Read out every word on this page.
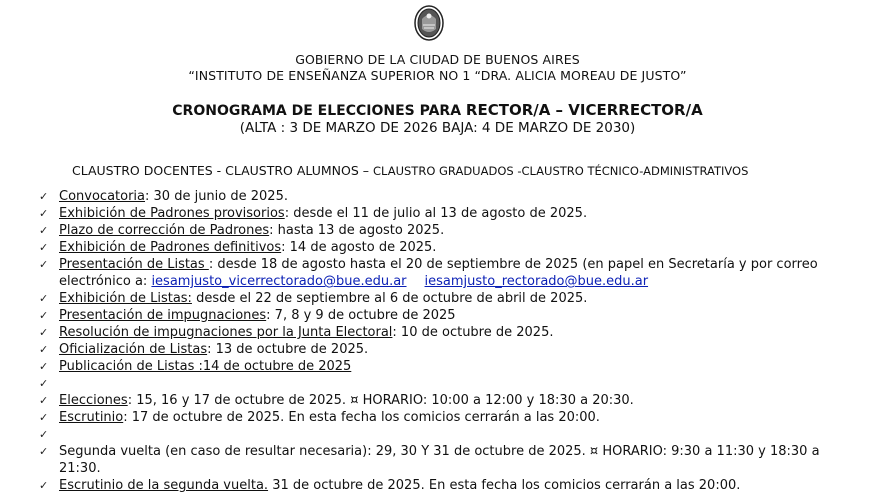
GOBIERNO DE LA CIUDAD DE BUENOS AIRES
“INSTITUTO DE ENSEÑANZA SUPERIOR NO 1 “DRA. ALICIA MOREAU DE JUSTO”
CRONOGRAMA DE ELECCIONES PARA RECTOR/A – VICERRECTOR/A
(ALTA : 3 DE MARZO DE 2026 BAJA: 4 DE MARZO DE 2030)
CLAUSTRO DOCENTES - CLAUSTRO ALUMNOS – CLAUSTRO GRADUADOS -CLAUSTRO TÉCNICO-ADMINISTRATIVOS
✓ Convocatoria: 30 de junio de 2025.
✓ Exhibición de Padrones provisorios: desde el 11 de julio al 13 de agosto de 2025.
✓ Plazo de corrección de Padrones: hasta 13 de agosto 2025.
✓ Exhibición de Padrones definitivos: 14 de agosto de 2025.
✓ Presentación de Listas : desde 18 de agosto hasta el 20 de septiembre de 2025 (en papel en Secretaría y por correo electrónico a: iesamjusto_vicerrectorado@bue.edu.ar iesamjusto_rectorado@bue.edu.ar
✓ Exhibición de Listas: desde el 22 de septiembre al 6 de octubre de abril de 2025.
✓ Presentación de impugnaciones: 7, 8 y 9 de octubre de 2025
✓ Resolución de impugnaciones por la Junta Electoral: 10 de octubre de 2025.
✓ Oficialización de Listas: 13 de octubre de 2025.
✓ Publicación de Listas :14 de octubre de 2025
✓
✓ Elecciones: 15, 16 y 17 de octubre de 2025. ¤ HORARIO: 10:00 a 12:00 y 18:30 a 20:30.
✓ Escrutinio: 17 de octubre de 2025. En esta fecha los comicios cerrarán a las 20:00.
✓
✓ Segunda vuelta (en caso de resultar necesaria): 29, 30 Y 31 de octubre de 2025. ¤ HORARIO: 9:30 a 11:30 y 18:30 a 21:30.
✓ Escrutinio de la segunda vuelta. 31 de octubre de 2025. En esta fecha los comicios cerrarán a las 20:00.
